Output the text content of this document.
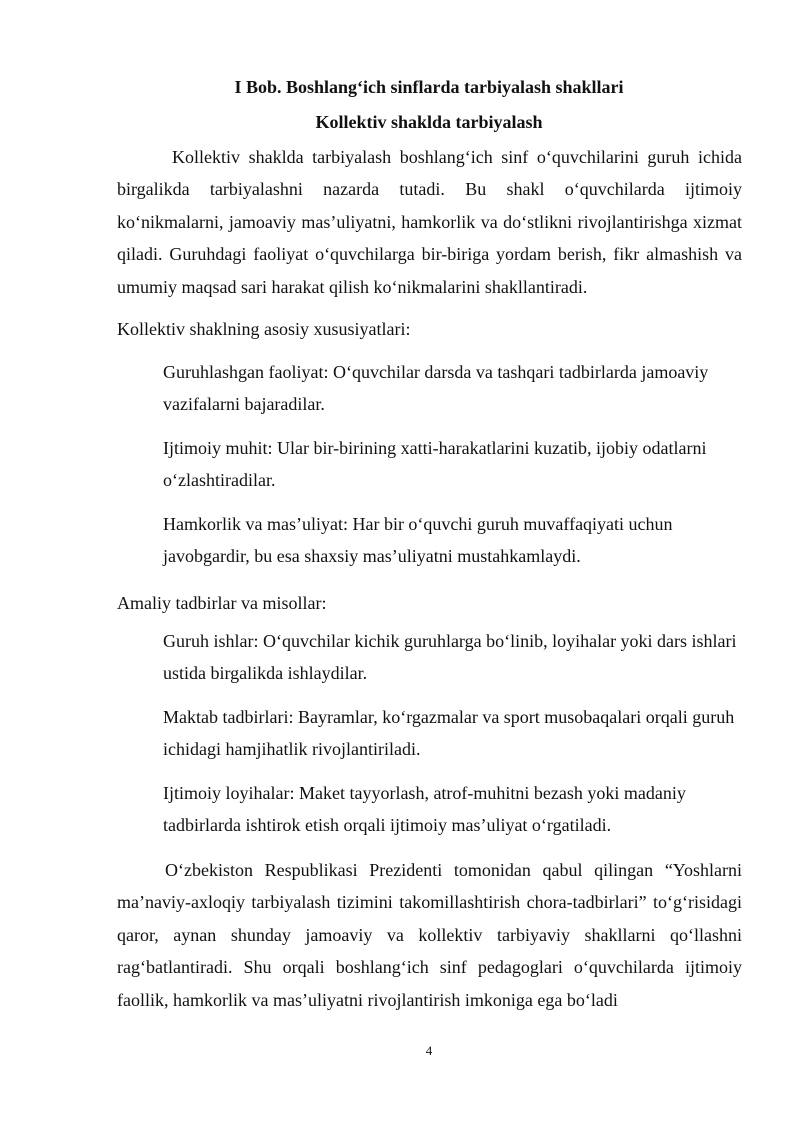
I Bob. Boshlang‘ich sinflarda tarbiyalash shakllari
Kollektiv shaklda tarbiyalash

Kollektiv shaklda tarbiyalash boshlang‘ich sinf o‘quvchilarini guruh ichida birgalikda tarbiyalashni nazarda tutadi. Bu shakl o‘quvchilarda ijtimoiy ko‘nikmalarni, jamoaviy mas’uliyatni, hamkorlik va do‘stlikni rivojlantirishga xizmat qiladi. Guruhdagi faoliyat o‘quvchilarga bir-biriga yordam berish, fikr almashish va umumiy maqsad sari harakat qilish ko‘nikmalarini shakllantiradi.

Kollektiv shaklning asosiy xususiyatlari:

Guruhlashgan faoliyat: O‘quvchilar darsda va tashqari tadbirlarda jamoaviy vazifalarni bajaradilar.

Ijtimoiy muhit: Ular bir-birining xatti-harakatlarini kuzatib, ijobiy odatlarni o‘zlashtiradilar.

Hamkorlik va mas’uliyat: Har bir o‘quvchi guruh muvaffaqiyati uchun javobgardir, bu esa shaxsiy mas’uliyatni mustahkamlaydi.

Amaliy tadbirlar va misollar:

Guruh ishlar: O‘quvchilar kichik guruhlarga bo‘linib, loyihalar yoki dars ishlari ustida birgalikda ishlaydilar.

Maktab tadbirlari: Bayramlar, ko‘rgazmalar va sport musobaqalari orqali guruh ichidagi hamjihatlik rivojlantiriladi.

Ijtimoiy loyihalar: Maket tayyorlash, atrof-muhitni bezash yoki madaniy tadbirlarda ishtirok etish orqali ijtimoiy mas’uliyat o‘rgatiladi.

O‘zbekiston Respublikasi Prezidenti tomonidan qabul qilingan “Yoshlarni ma’naviy-axloqiy tarbiyalash tizimini takomillashtirish chora-tadbirlari” to‘g‘risidagi qaror, aynan shunday jamoaviy va kollektiv tarbiyaviy shakllarni qo‘llashni rag‘batlantiradi. Shu orqali boshlang‘ich sinf pedagoglari o‘quvchilarda ijtimoiy faollik, hamkorlik va mas’uliyatni rivojlantirish imkoniga ega bo‘ladi

4
